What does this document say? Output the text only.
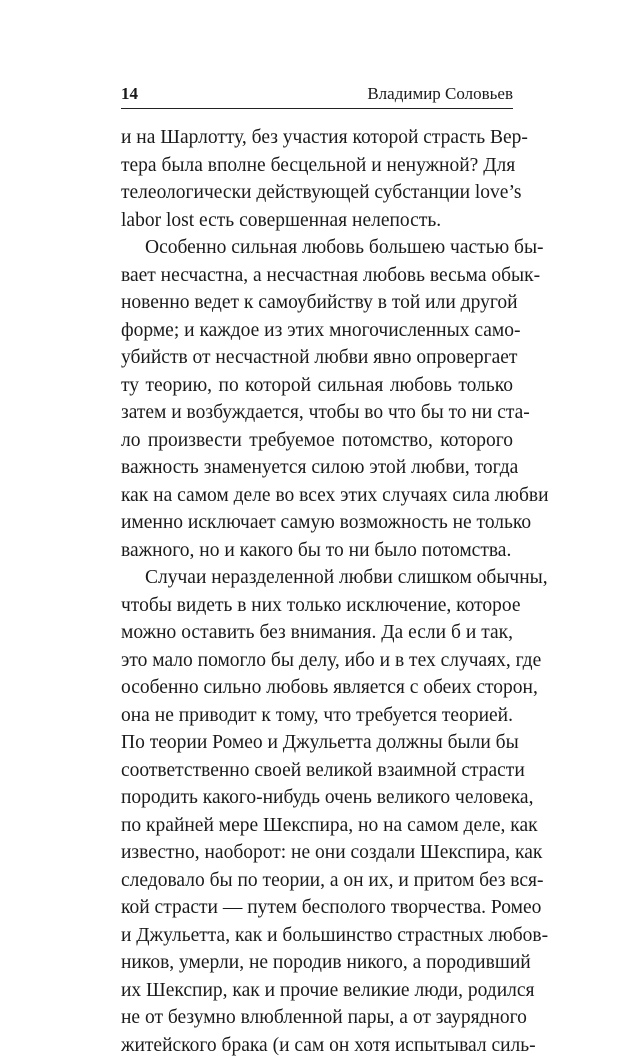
14	Владимир Соловьев
и на Шарлотту, без участия которой страсть Вер-
тера была вполне бесцельной и ненужной? Для
телеологически действующей субстанции love’s
labor lost есть совершенная нелепость.
Особенно сильная любовь большею частью бы-
вает несчастна, а несчастная любовь весьма обык-
новенно ведет к самоубийству в той или другой
форме; и каждое из этих многочисленных само-
убийств от несчастной любви явно опровергает
ту теорию, по которой сильная любовь только
затем и возбуждается, чтобы во что бы то ни ста-
ло произвести требуемое потомство, которого
важность знаменуется силою этой любви, тогда
как на самом деле во всех этих случаях сила любви
именно исключает самую возможность не только
важного, но и какого бы то ни было потомства.
Случаи неразделенной любви слишком обычны,
чтобы видеть в них только исключение, которое
можно оставить без внимания. Да если б и так,
это мало помогло бы делу, ибо и в тех случаях, где
особенно сильно любовь является с обеих сторон,
она не приводит к тому, что требуется теорией.
По теории Ромео и Джульетта должны были бы
соответственно своей великой взаимной страсти
породить какого-нибудь очень великого человека,
по крайней мере Шекспира, но на самом деле, как
известно, наоборот: не они создали Шекспира, как
следовало бы по теории, а он их, и притом без вся-
кой страсти — путем бесполого творчества. Ромео
и Джульетта, как и большинство страстных любов-
ников, умерли, не породив никого, а породивший
их Шекспир, как и прочие великие люди, родился
не от безумно влюбленной пары, а от заурядного
житейского брака (и сам он хотя испытывал силь-
